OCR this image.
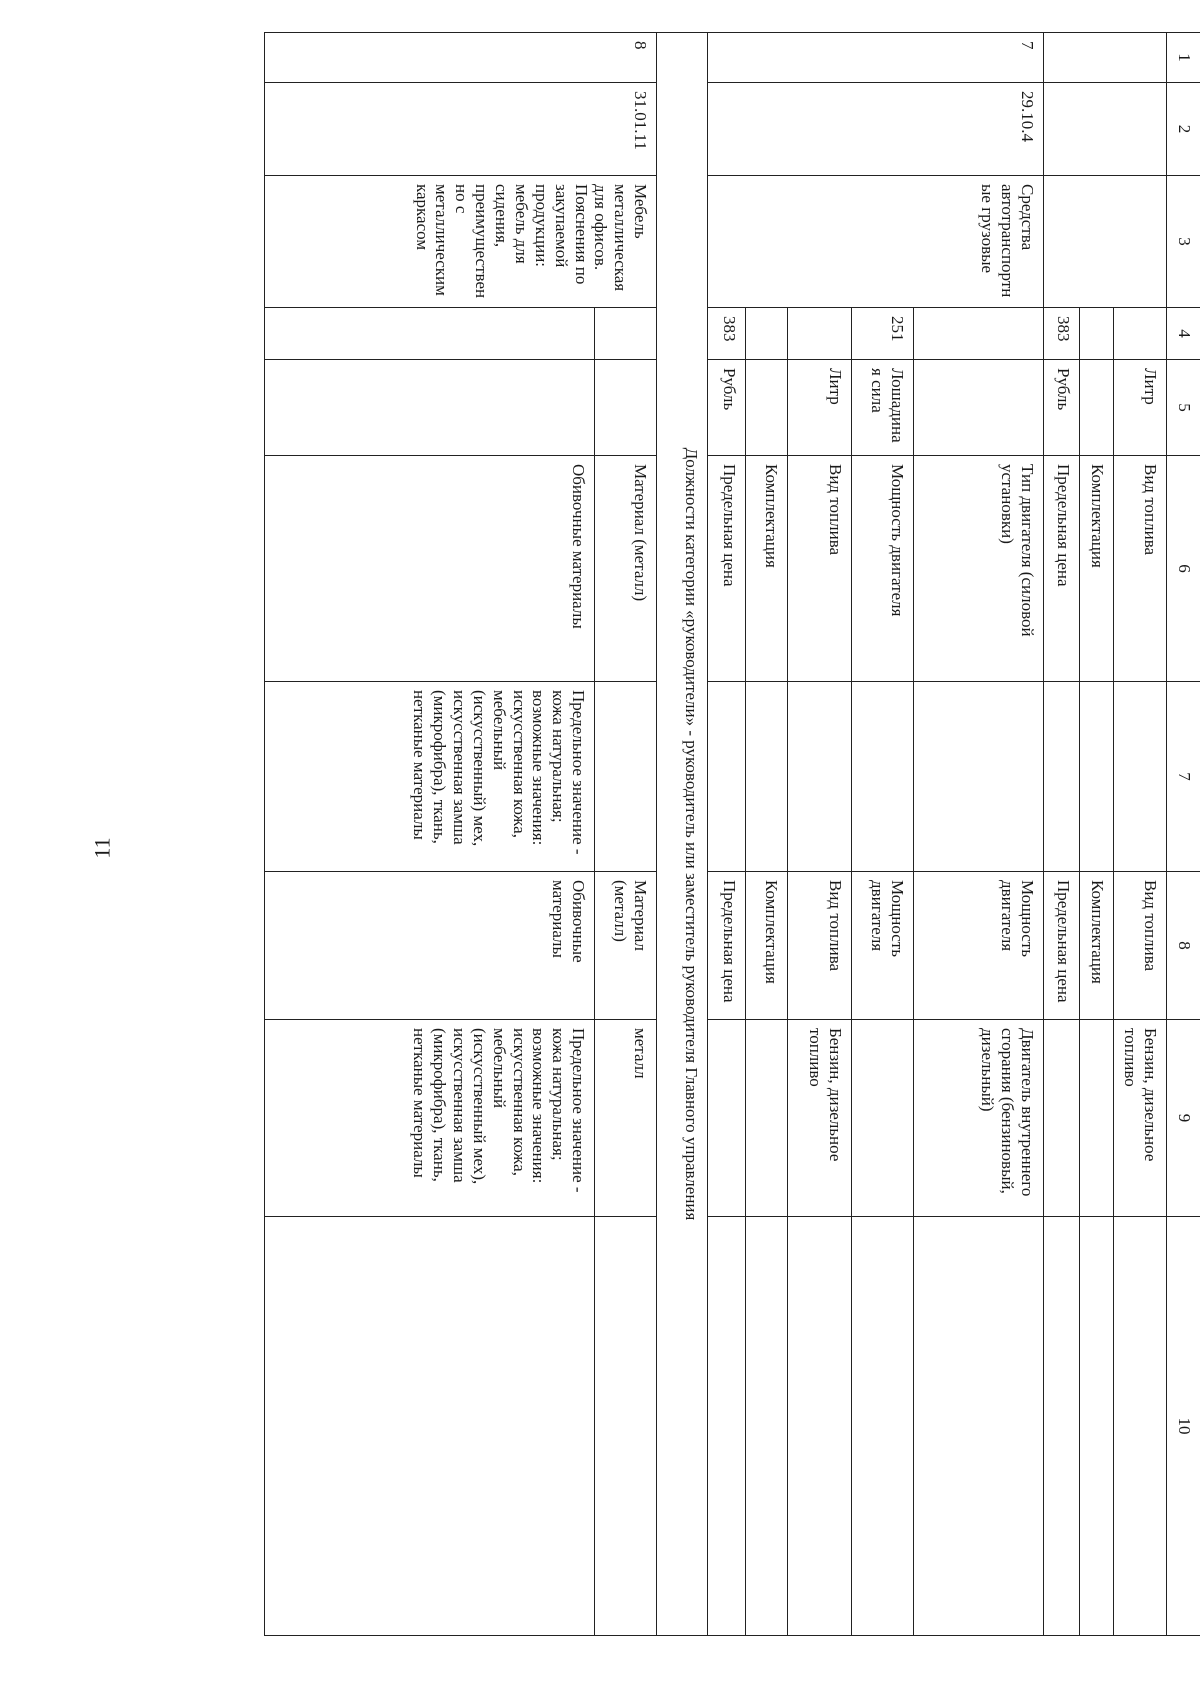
11
1	2	3	4	5	6	7	8	9	10
				Литр	Вид топлива		Вид топлива	Бензин, дизельное топливо	
					Комплектация		Комплектация		
			383	Рубль	Предельная цена		Предельная цена		
7	29.10.4	Средства автотранспортные грузовые			Тип двигателя (силовой установки)		Мощность двигателя	Двигатель внутреннего сгорания (бензиновый, дизельный)	
			251	Лошадиная сила	Мощность двигателя		Мощность двигателя		
				Литр	Вид топлива		Вид топлива	Бензин, дизельное топливо	
					Комплектация		Комплектация		
			383	Рубль	Предельная цена		Предельная цена		
Должности категории «руководители» - руководитель или заместитель руководителя Главного управления									
8	31.01.11	Мебель металлическая для офисов. Пояснения по закупаемой продукции: мебель для сидения, преимущественно с металлическим каркасом			Материал (металл)		Материал (металл)	металл	
					Обивочные материалы	Предельное значение - кожа натуральная; возможные значения: искусственная кожа, мебельный (искусственный) мех, искусственная замша (микрофибра), ткань, нетканые материалы	Обивочные материалы	Предельное значение - кожа натуральная; возможные значения: искусственная кожа, мебельный (искусственный мех), искусственная замша (микрофибра), ткань, нетканые материалы	
